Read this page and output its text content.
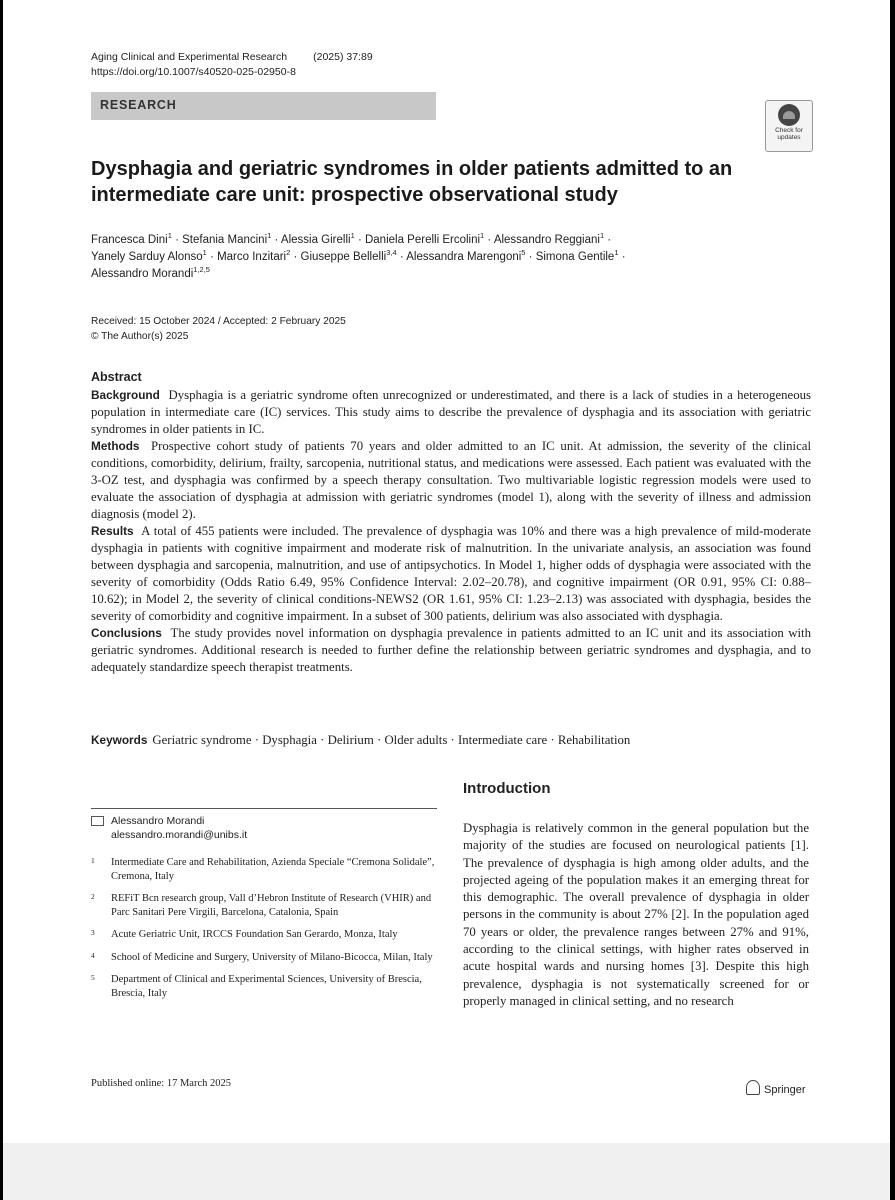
Aging Clinical and Experimental Research (2025) 37:89
https://doi.org/10.1007/s40520-025-02950-8
RESEARCH
Check for
updates
Dysphagia and geriatric syndromes in older patients admitted to an intermediate care unit: prospective observational study
Francesca Dini$^1$ · Stefania Mancini$^1$ · Alessia Girelli$^1$ · Daniela Perelli Ercolini$^1$ · Alessandro Reggiani$^1$ ·
Yanely Sarduy Alonso$^1$ · Marco Inzitari$^2$ · Giuseppe Bellelli$^{3,4}$ · Alessandra Marengoni$^5$ · Simona Gentile$^1$ ·
Alessandro Morandi$^{1,2,5}$
Received: 15 October 2024 / Accepted: 2 February 2025
© The Author(s) 2025
Abstract

Background Dysphagia is a geriatric syndrome often unrecognized or underestimated, and there is a lack of studies in a heterogeneous population in intermediate care (IC) services. This study aims to describe the prevalence of dysphagia and its association with geriatric syndromes in older patients in IC.

Methods Prospective cohort study of patients 70 years and older admitted to an IC unit. At admission, the severity of the clinical conditions, comorbidity, delirium, frailty, sarcopenia, nutritional status, and medications were assessed. Each patient was evaluated with the 3-OZ test, and dysphagia was confirmed by a speech therapy consultation. Two multivariable logistic regression models were used to evaluate the association of dysphagia at admission with geriatric syndromes (model 1), along with the severity of illness and admission diagnosis (model 2).

Results A total of 455 patients were included. The prevalence of dysphagia was 10% and there was a high prevalence of mild-moderate dysphagia in patients with cognitive impairment and moderate risk of malnutrition. In the univariate analysis, an association was found between dysphagia and sarcopenia, malnutrition, and use of antipsychotics. In Model 1, higher odds of dysphagia were associated with the severity of comorbidity (Odds Ratio 6.49, 95% Confidence Interval: 2.02–20.78), and cognitive impairment (OR 0.91, 95% CI: 0.88–10.62); in Model 2, the severity of clinical conditions-NEWS2 (OR 1.61, 95% CI: 1.23–2.13) was associated with dysphagia, besides the severity of comorbidity and cognitive impairment. In a subset of 300 patients, delirium was also associated with dysphagia.

Conclusions The study provides novel information on dysphagia prevalence in patients admitted to an IC unit and its association with geriatric syndromes. Additional research is needed to further define the relationship between geriatric syndromes and dysphagia, and to adequately standardize speech therapist treatments.

Keywords Geriatric syndrome · Dysphagia · Delirium · Older adults · Intermediate care · Rehabilitation
Alessandro Morandi
alessandro.morandi@unibs.it
1 Intermediate Care and Rehabilitation, Azienda Speciale “Cremona Solidale”, Cremona, Italy
2 REFiT Bcn research group, Vall d’Hebron Institute of Research (VHIR) and Parc Sanitari Pere Virgili, Barcelona, Catalonia, Spain
3 Acute Geriatric Unit, IRCCS Foundation San Gerardo, Monza, Italy
4 School of Medicine and Surgery, University of Milano-Bicocca, Milan, Italy
5 Department of Clinical and Experimental Sciences, University of Brescia, Brescia, Italy
Introduction
Dysphagia is relatively common in the general population but the majority of the studies are focused on neurological patients [1]. The prevalence of dysphagia is high among older adults, and the projected ageing of the population makes it an emerging threat for this demographic. The overall prevalence of dysphagia in older persons in the community is about 27% [2]. In the population aged 70 years or older, the prevalence ranges between 27% and 91%, according to the clinical settings, with higher rates observed in acute hospital wards and nursing homes [3]. Despite this high prevalence, dysphagia is not systematically screened for or properly managed in clinical setting, and no research
Published online: 17 March 2025
Springer
